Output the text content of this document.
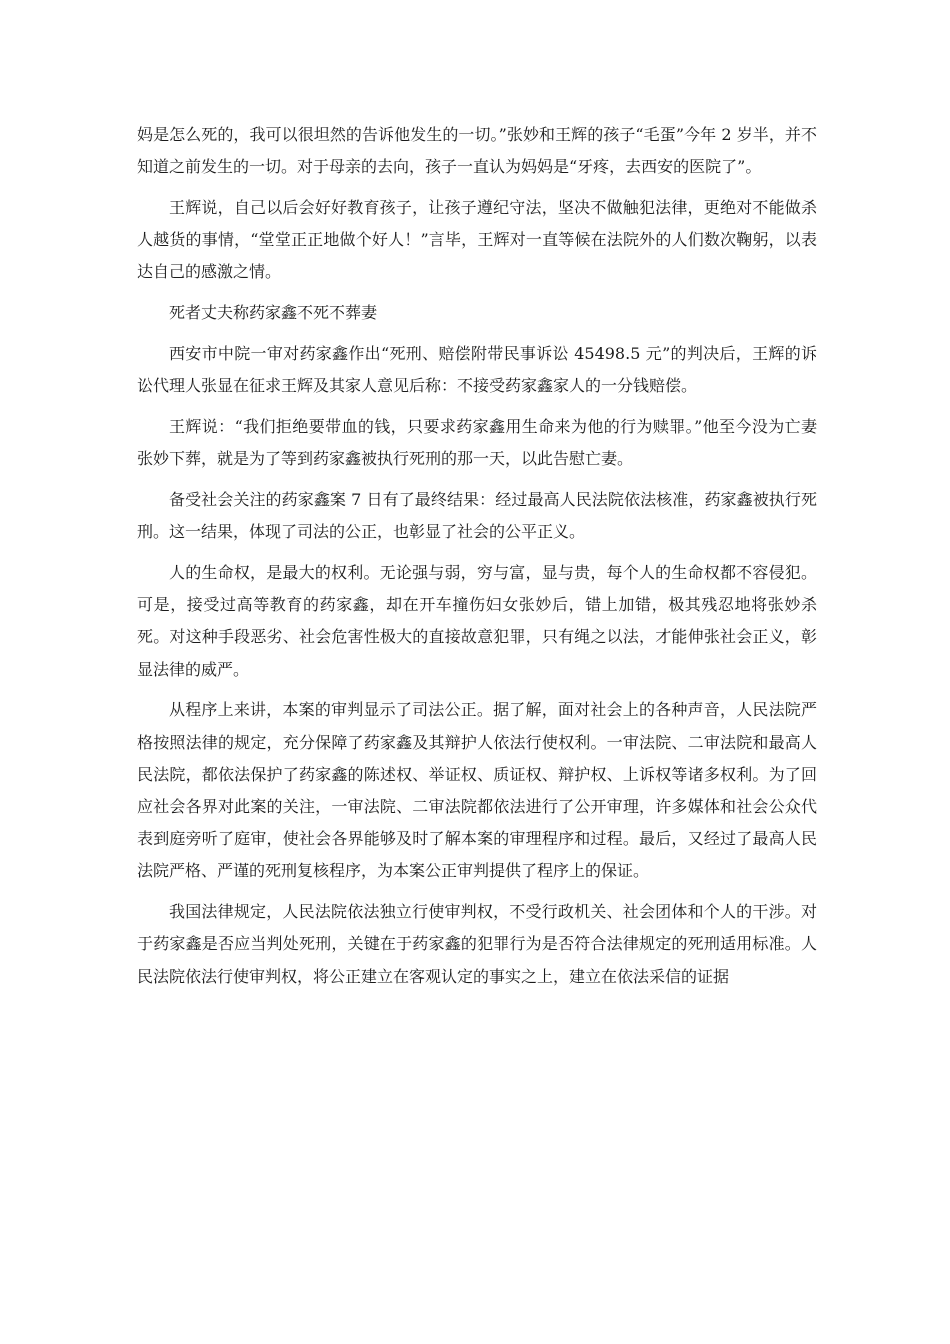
妈是怎么死的，我可以很坦然的告诉他发生的一切。”张妙和王辉的孩子“毛蛋”今年 2 岁半，并不知道之前发生的一切。对于母亲的去向，孩子一直认为妈妈是“牙疼，去西安的医院了”。

王辉说，自己以后会好好教育孩子，让孩子遵纪守法，坚决不做触犯法律，更绝对不能做杀人越货的事情，“堂堂正正地做个好人！”言毕，王辉对一直等候在法院外的人们数次鞠躬，以表达自己的感激之情。

死者丈夫称药家鑫不死不葬妻

西安市中院一审对药家鑫作出“死刑、赔偿附带民事诉讼 45498.5 元”的判决后，王辉的诉讼代理人张显在征求王辉及其家人意见后称：不接受药家鑫家人的一分钱赔偿。

王辉说：“我们拒绝要带血的钱，只要求药家鑫用生命来为他的行为赎罪。”他至今没为亡妻张妙下葬，就是为了等到药家鑫被执行死刑的那一天，以此告慰亡妻。

备受社会关注的药家鑫案 7 日有了最终结果：经过最高人民法院依法核准，药家鑫被执行死刑。这一结果，体现了司法的公正，也彰显了社会的公平正义。

人的生命权，是最大的权利。无论强与弱，穷与富，显与贵，每个人的生命权都不容侵犯。可是，接受过高等教育的药家鑫，却在开车撞伤妇女张妙后，错上加错，极其残忍地将张妙杀死。对这种手段恶劣、社会危害性极大的直接故意犯罪，只有绳之以法，才能伸张社会正义，彰显法律的威严。

从程序上来讲，本案的审判显示了司法公正。据了解，面对社会上的各种声音，人民法院严格按照法律的规定，充分保障了药家鑫及其辩护人依法行使权利。一审法院、二审法院和最高人民法院，都依法保护了药家鑫的陈述权、举证权、质证权、辩护权、上诉权等诸多权利。为了回应社会各界对此案的关注，一审法院、二审法院都依法进行了公开审理，许多媒体和社会公众代表到庭旁听了庭审，使社会各界能够及时了解本案的审理程序和过程。最后，又经过了最高人民法院严格、严谨的死刑复核程序，为本案公正审判提供了程序上的保证。

我国法律规定，人民法院依法独立行使审判权，不受行政机关、社会团体和个人的干涉。对于药家鑫是否应当判处死刑，关键在于药家鑫的犯罪行为是否符合法律规定的死刑适用标准。人民法院依法行使审判权，将公正建立在客观认定的事实之上，建立在依法采信的证据
